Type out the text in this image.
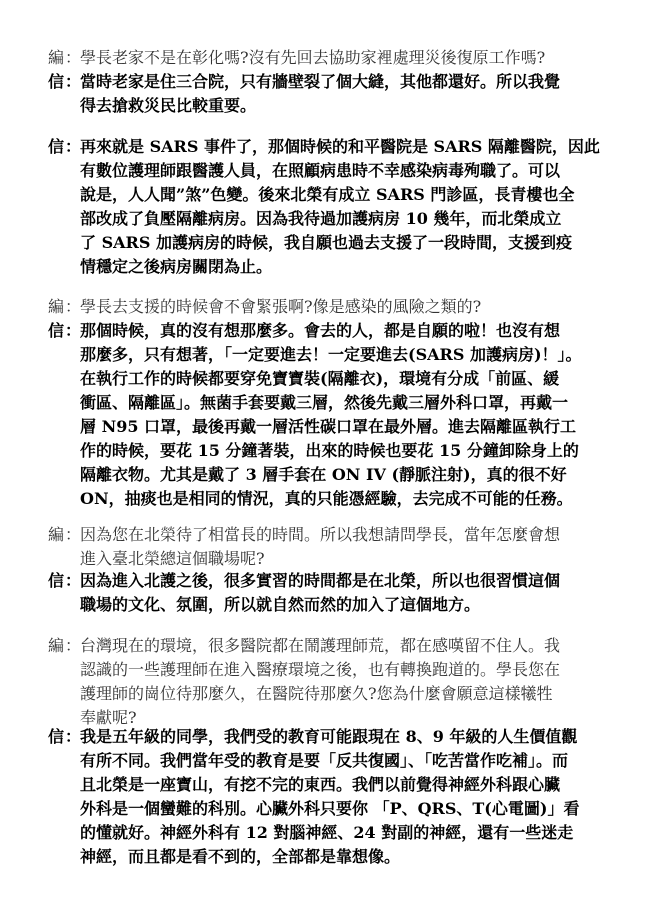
編：
學長老家不是在彰化嗎?沒有先回去協助家裡處理災後復原工作嗎?
信：
當時老家是住三合院，只有牆壁裂了個大縫，其他都還好。所以我覺
得去搶救災民比較重要。
信：
再來就是 SARS 事件了，那個時候的和平醫院是 SARS 隔離醫院，因此
有數位護理師跟醫護人員，在照顧病患時不幸感染病毒殉職了。可以
說是，人人聞”煞”色變。後來北榮有成立 SARS 門診區，長青樓也全
部改成了負壓隔離病房。因為我待過加護病房 10 幾年，而北榮成立
了 SARS 加護病房的時候，我自願也過去支援了一段時間，支援到疫
情穩定之後病房關閉為止。
編：
學長去支援的時候會不會緊張啊?像是感染的風險之類的?
信：
那個時候，真的沒有想那麼多。會去的人，都是自願的啦！也沒有想
那麼多，只有想著，「一定要進去！一定要進去(SARS 加護病房)！」。
在執行工作的時候都要穿免寶寶裝(隔離衣)，環境有分成「前區、緩
衝區、隔離區」。無菌手套要戴三層，然後先戴三層外科口罩，再戴一
層 N95 口罩，最後再戴一層活性碳口罩在最外層。進去隔離區執行工
作的時候，要花 15 分鐘著裝，出來的時候也要花 15 分鐘卸除身上的
隔離衣物。尤其是戴了 3 層手套在 ON IV (靜脈注射)，真的很不好
ON，抽痰也是相同的情況，真的只能憑經驗，去完成不可能的任務。
編：
因為您在北榮待了相當長的時間。所以我想請問學長，當年怎麼會想
進入臺北榮總這個職場呢?
信：
因為進入北護之後，很多實習的時間都是在北榮，所以也很習慣這個
職場的文化、氛圍，所以就自然而然的加入了這個地方。
編：
台灣現在的環境，很多醫院都在鬧護理師荒，都在感嘆留不住人。我
認識的一些護理師在進入醫療環境之後，也有轉換跑道的。學長您在
護理師的崗位待那麼久，在醫院待那麼久?您為什麼會願意這樣犧牲
奉獻呢?
信：
我是五年級的同學，我們受的教育可能跟現在 8、9 年級的人生價值觀
有所不同。我們當年受的教育是要「反共復國」、「吃苦當作吃補」。而
且北榮是一座寶山，有挖不完的東西。我們以前覺得神經外科跟心臟
外科是一個蠻難的科別。心臟外科只要你 「P、QRS、T(心電圖)」看
的懂就好。神經外科有 12 對腦神經、24 對副的神經，還有一些迷走
神經，而且都是看不到的，全部都是靠想像。
